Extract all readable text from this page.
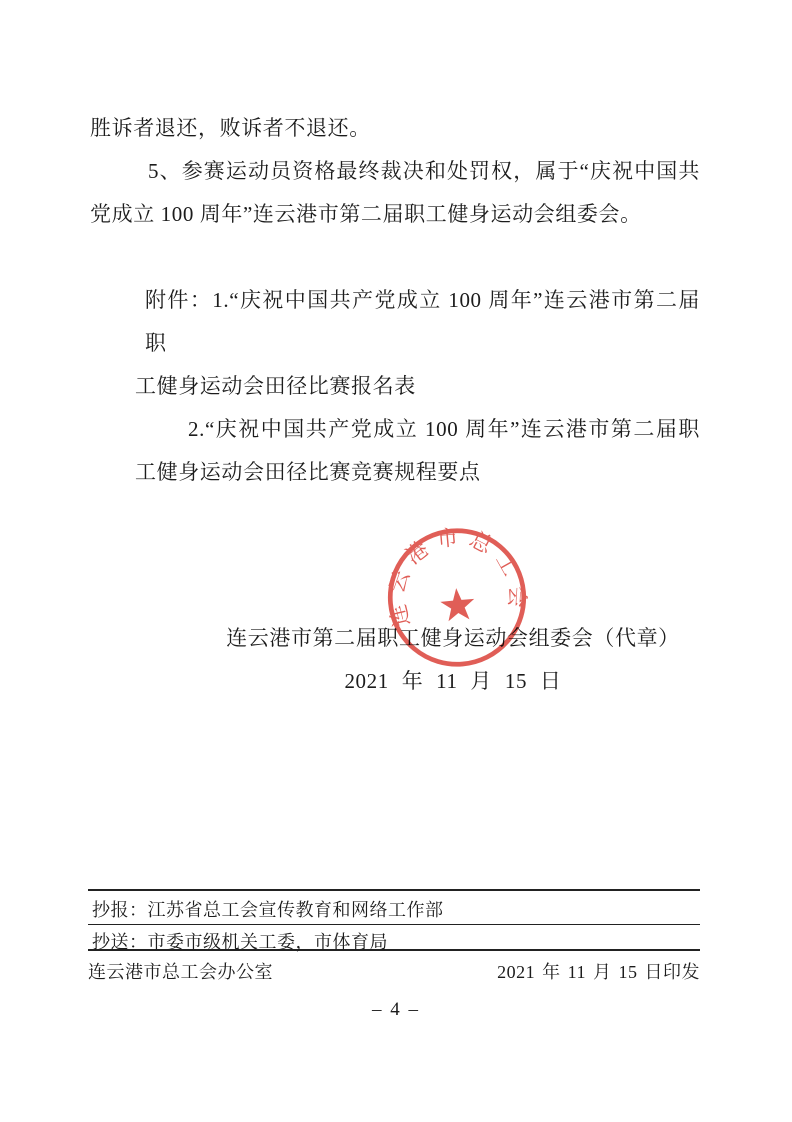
胜诉者退还，败诉者不退还。
5、参赛运动员资格最终裁决和处罚权，属于“庆祝中国共
党成立 100 周年”连云港市第二届职工健身运动会组委会。
附件：1.“庆祝中国共产党成立 100 周年”连云港市第二届职
工健身运动会田径比赛报名表
2.“庆祝中国共产党成立 100 周年”连云港市第二届职
工健身运动会田径比赛竞赛规程要点
连云港市第二届职工健身运动会组委会（代章）
2021 年 11 月 15 日
连云港市总工会
抄报：江苏省总工会宣传教育和网络工作部
抄送：市委市级机关工委，市体育局
连云港市总工会办公室	2021 年 11 月 15 日印发
– 4 –
